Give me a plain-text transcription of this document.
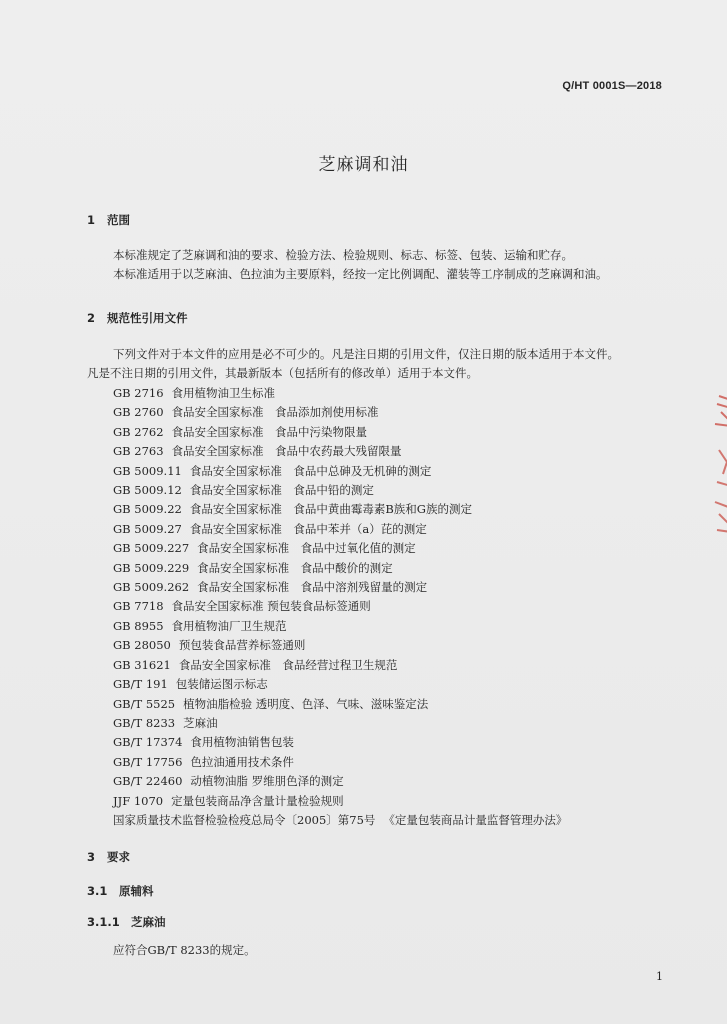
Q/HT 0001S—2018
芝麻调和油
1 范围
本标准规定了芝麻调和油的要求、检验方法、检验规则、标志、标签、包装、运输和贮存。
本标准适用于以芝麻油、色拉油为主要原料，经按一定比例调配、灌装等工序制成的芝麻调和油。
2 规范性引用文件
下列文件对于本文件的应用是必不可少的。凡是注日期的引用文件，仅注日期的版本适用于本文件。
凡是不注日期的引用文件，其最新版本（包括所有的修改单）适用于本文件。
GB 2716 食用植物油卫生标准
GB 2760 食品安全国家标准　食品添加剂使用标准
GB 2762 食品安全国家标准　食品中污染物限量
GB 2763 食品安全国家标准　食品中农药最大残留限量
GB 5009.11 食品安全国家标准　食品中总砷及无机砷的测定
GB 5009.12 食品安全国家标准　食品中铅的测定
GB 5009.22 食品安全国家标准　食品中黄曲霉毒素B族和G族的测定
GB 5009.27 食品安全国家标准　食品中苯并（a）芘的测定
GB 5009.227 食品安全国家标准　食品中过氧化值的测定
GB 5009.229 食品安全国家标准　食品中酸价的测定
GB 5009.262 食品安全国家标准　食品中溶剂残留量的测定
GB 7718 食品安全国家标准 预包装食品标签通则
GB 8955 食用植物油厂卫生规范
GB 28050 预包装食品营养标签通则
GB 31621 食品安全国家标准　食品经营过程卫生规范
GB/T 191 包装储运图示标志
GB/T 5525 植物油脂检验 透明度、色泽、气味、滋味鉴定法
GB/T 8233 芝麻油
GB/T 17374 食用植物油销售包装
GB/T 17756 色拉油通用技术条件
GB/T 22460 动植物油脂 罗维朋色泽的测定
JJF 1070 定量包装商品净含量计量检验规则
国家质量技术监督检验检疫总局令〔2005〕第75号 《定量包装商品计量监督管理办法》
3 要求
3.1 原辅料
3.1.1 芝麻油
应符合GB/T 8233的规定。
1
